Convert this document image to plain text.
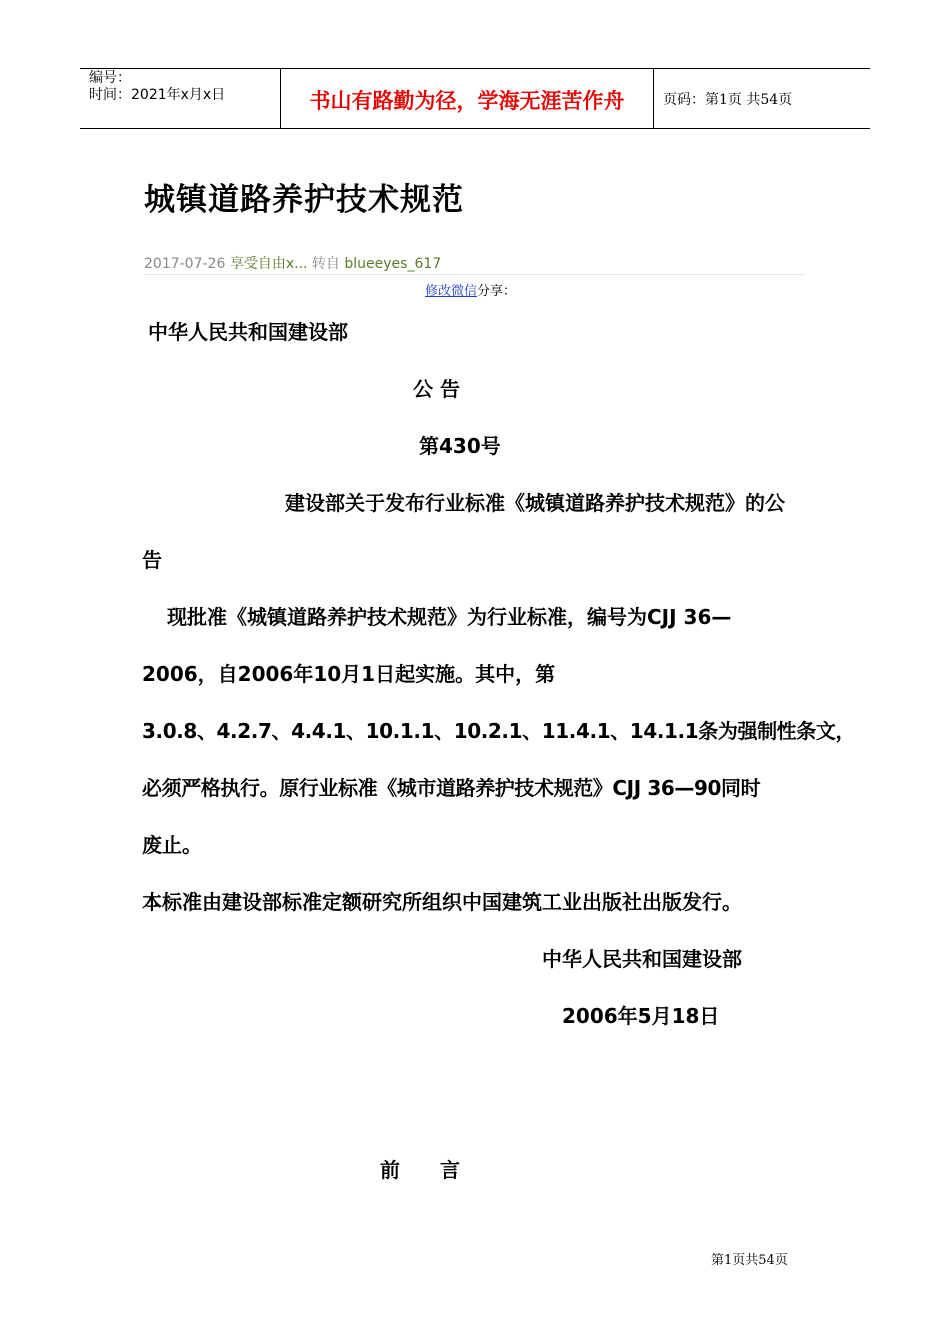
编号：
时间：2021年x月x日	书山有路勤为径，学海无涯苦作舟	页码：第1页 共54页
城镇道路养护技术规范
2017-07-26 享受自由x... 转自 blueeyes_617
修改微信分享：
中华人民共和国建设部
公 告
第430号
建设部关于发布行业标准《城镇道路养护技术规范》的公
告
现批准《城镇道路养护技术规范》为行业标准，编号为CJJ 36—
2006，自2006年10月1日起实施。其中，第
3.0.8、4.2.7、4.4.1、10.1.1、10.2.1、11.4.1、14.1.1条为强制性条文，
必须严格执行。原行业标准《城市道路养护技术规范》CJJ 36—90同时
废止。
本标准由建设部标准定额研究所组织中国建筑工业出版社出版发行。
中华人民共和国建设部
2006年5月18日
前　　言
第1页共54页
